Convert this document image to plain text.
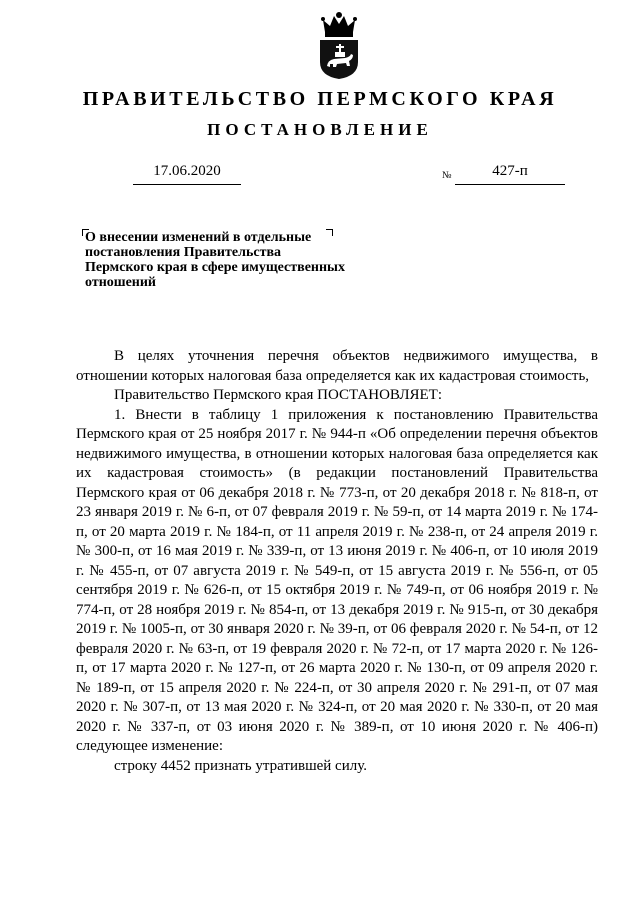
ПРАВИТЕЛЬСТВО ПЕРМСКОГО КРАЯ
ПОСТАНОВЛЕНИЕ
17.06.2020	№	427-п
О внесении изменений в отдельные постановления Правительства Пермского края в сфере имущественных отношений

В целях уточнения перечня объектов недвижимого имущества, в отношении которых налоговая база определяется как их кадастровая стоимость,

Правительство Пермского края ПОСТАНОВЛЯЕТ:

1. Внести в таблицу 1 приложения к постановлению Правительства Пермского края от 25 ноября 2017 г. № 944-п «Об определении перечня объектов недвижимого имущества, в отношении которых налоговая база определяется как их кадастровая стоимость» (в редакции постановлений Правительства Пермского края от 06 декабря 2018 г. № 773-п, от 20 декабря 2018 г. № 818-п, от 23 января 2019 г. № 6-п, от 07 февраля 2019 г. № 59-п, от 14 марта 2019 г. № 174-п, от 20 марта 2019 г. № 184-п, от 11 апреля 2019 г. № 238-п, от 24 апреля 2019 г. № 300-п, от 16 мая 2019 г. № 339-п, от 13 июня 2019 г. № 406-п, от 10 июля 2019 г. № 455-п, от 07 августа 2019 г. № 549-п, от 15 августа 2019 г. № 556-п, от 05 сентября 2019 г. № 626-п, от 15 октября 2019 г. № 749-п, от 06 ноября 2019 г. № 774-п, от 28 ноября 2019 г. № 854-п, от 13 декабря 2019 г. № 915-п, от 30 декабря 2019 г. № 1005-п, от 30 января 2020 г. № 39-п, от 06 февраля 2020 г. № 54-п, от 12 февраля 2020 г. № 63-п, от 19 февраля 2020 г. № 72-п, от 17 марта 2020 г. № 126-п, от 17 марта 2020 г. № 127-п, от 26 марта 2020 г. № 130-п, от 09 апреля 2020 г. № 189-п, от 15 апреля 2020 г. № 224-п, от 30 апреля 2020 г. № 291-п, от 07 мая 2020 г. № 307-п, от 13 мая 2020 г. № 324-п, от 20 мая 2020 г. № 330-п, от 20 мая 2020 г. № 337-п, от 03 июня 2020 г. № 389-п, от 10 июня 2020 г. № 406-п) следующее изменение:

строку 4452 признать утратившей силу.
